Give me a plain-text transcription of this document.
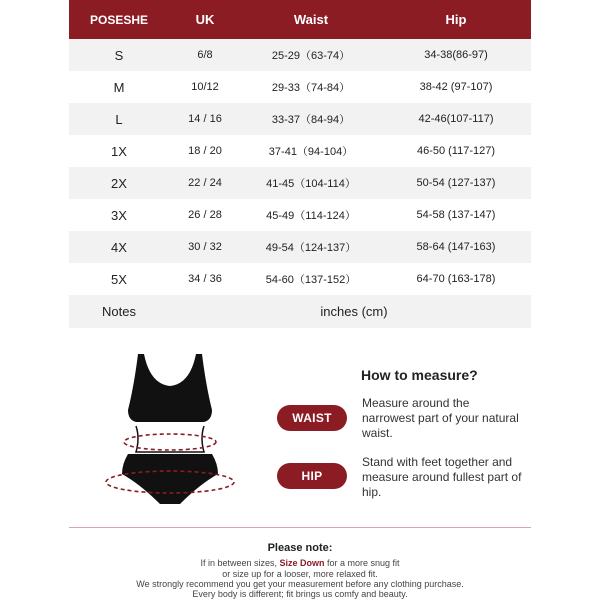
POSESHE	UK	Waist	Hip
S	6/8	25-29（63-74）	34-38(86-97)
M	10/12	29-33（74-84）	38-42 (97-107)
L	14 / 16	33-37（84-94）	42-46(107-117)
1X	18 / 20	37-41（94-104）	46-50 (117-127)
2X	22 / 24	41-45（104-114）	50-54 (127-137)
3X	26 / 28	45-49（114-124）	54-58 (137-147)
4X	30 / 32	49-54（124-137）	58-64 (147-163)
5X	34 / 36	54-60（137-152）	64-70 (163-178)
Notes	inches (cm)
How to measure?
WAIST
Measure around the narrowest part of your natural waist.
HIP
Stand with feet together and measure around fullest part of hip.
Please note:
If in between sizes, Size Down for a more snug fit
or size up for a looser, more relaxed fit.
We strongly recommend you get your measurement before any clothing purchase.
Every body is different; fit brings us comfy and beauty.
